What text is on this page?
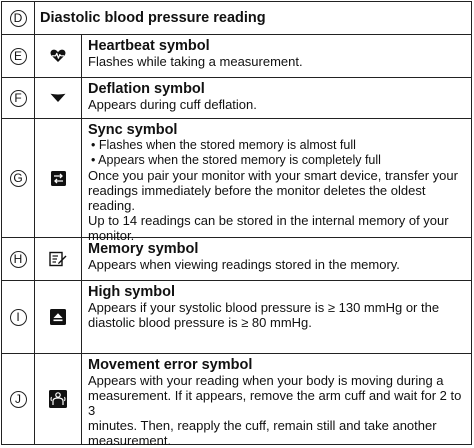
D Diastolic blood pressure reading
E
Heartbeat symbol
Flashes while taking a measurement.
F
Deflation symbol
Appears during cuff deflation.
G
Sync symbol
• Flashes when the stored memory is almost full
• Appears when the stored memory is completely full
Once you pair your monitor with your smart device, transfer your
readings immediately before the monitor deletes the oldest reading.
Up to 14 readings can be stored in the internal memory of your
monitor.
H
Memory symbol
Appears when viewing readings stored in the memory.
I
High symbol
Appears if your systolic blood pressure is ≥ 130 mmHg or the
diastolic blood pressure is ≥ 80 mmHg.
J
Movement error symbol
Appears with your reading when your body is moving during a
measurement. If it appears, remove the arm cuff and wait for 2 to 3
minutes. Then, reapply the cuff, remain still and take another
measurement.
